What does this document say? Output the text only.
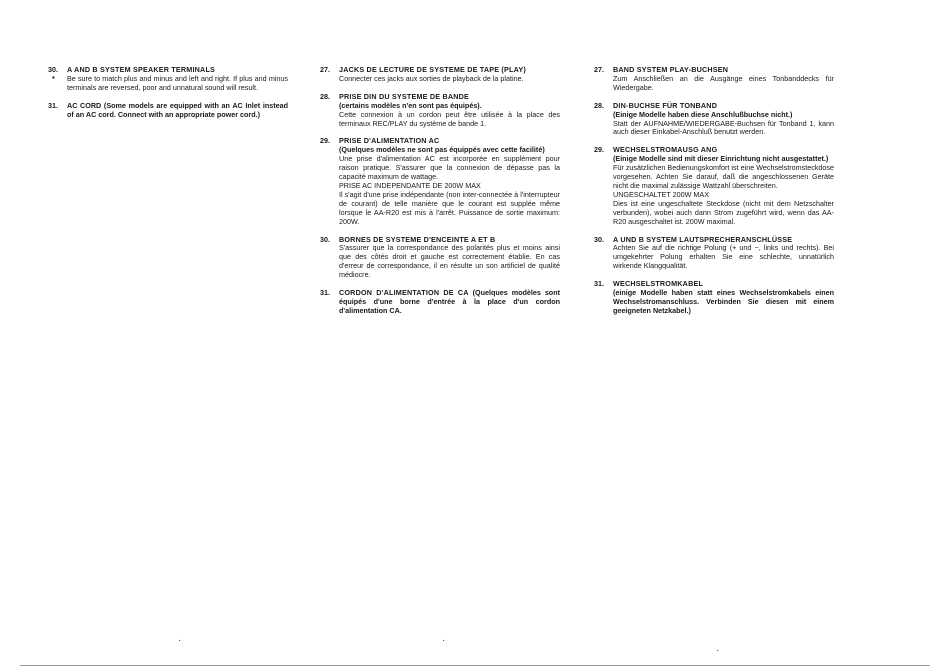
30. A AND B SYSTEM SPEAKER TERMINALS
* Be sure to match plus and minus and left and right. If plus and minus terminals are reversed, poor and unnatural sound will result.
31. AC CORD (Some models are equipped with an AC Inlet instead of an AC cord. Connect with an appropriate power cord.)
27. JACKS DE LECTURE DE SYSTEME DE TAPE (PLAY)
Connecter ces jacks aux sorties de playback de la platine.
28. PRISE DIN DU SYSTEME DE BANDE
(certains modèles n'en sont pas équipés).
Cette connexion à un cordon peut être utilisée à la place des terminaux REC/PLAY du système de bande 1.
29. PRISE D'ALIMENTATION AC
(Quelques modèles ne sont pas équippés avec cette facilité)
Une prise d'alimentation AC est incorporée en supplément pour raison pratique. S'assurer que la connexion de dépasse pas la capacité maximum de wattage.
PRISE AC INDEPENDANTE DE 200W MAX
Il s'agit d'une prise indépendante (non inter-connectée à l'interrupteur de courant) de telle manière que le courant est supplée même lorsque le AA-R20 est mis à l'arrêt. Puissance de sortie maximum: 200W.
30. BORNES DE SYSTEME D'ENCEINTE A ET B
S'assurer que la correspondance des polarités plus et moins ainsi que des côtés droit et gauche est correctement établie. En cas d'erreur de correspondance, il en résulte un son artificiel de qualité médiocre.
31. CORDON D'ALIMENTATION DE CA (Quelques modèles sont équipés d'une borne d'entrée à la place d'un cordon d'alimentation CA.
27. BAND SYSTEM PLAY-BUCHSEN
Zum Anschließen an die Ausgänge eines Tonbanddecks für Wiedergabe.
28. DIN-BUCHSE FÜR TONBAND
(Einige Modelle haben diese Anschlußbuchse nicht.)
Statt der AUFNAHME/WIEDERGABE-Buchsen für Tonband 1, kann auch dieser Einkabel-Anschluß benutzt werden.
29. WECHSELSTROMAUSG ANG
(Einige Modelle sind mit dieser Einrichtung nicht ausgestattet.)
Für zusätzlichen Bedienungskomfort ist eine Wechselstromsteckdose vorgesehen. Achten Sie darauf, daß die angeschlossenen Geräte nicht die maximal zulässige Wattzahl überschreiten.
UNGESCHALTET 200W MAX
Dies ist eine ungeschaltete Steckdose (nicht mit dem Netzschalter verbunden), wobei auch dann Strom zugeführt wird, wenn das AA-R20 ausgeschaltet ist. 200W maximal.
30. A UND B SYSTEM LAUTSPRECHERANSCHLÜSSE
Achten Sie auf die richtige Polung (+ und −, links und rechts). Bei umgekehrter Polung erhalten Sie eine schlechte, unnatürlich wirkende Klangqualität.
31. WECHSELSTROMKABEL
(einige Modelle haben statt eines Wechselstromkabels einen Wechselstromanschluss. Verbinden Sie diesen mit einem geeigneten Netzkabel.)
·	·
·
